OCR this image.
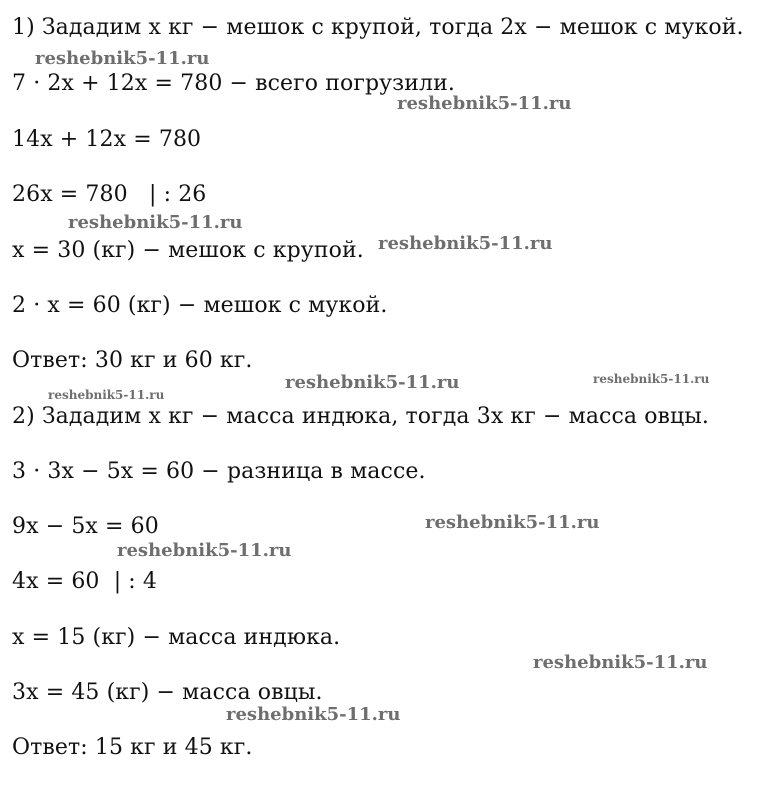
1) Зададим x кг − мешок с крупой, тогда 2x − мешок с мукой.
7 · 2x + 12x = 780 − всего погрузили.
14x + 12x = 780
26x = 780   | : 26
x = 30 (кг) − мешок с крупой.
2 · x = 60 (кг) − мешок с мукой.
Ответ: 30 кг и 60 кг.
2) Зададим x кг − масса индюка, тогда 3x кг − масса овцы.
3 · 3x − 5x = 60 − разница в массе.
9x − 5x = 60
4x = 60  | : 4
x = 15 (кг) − масса индюка.
3x = 45 (кг) − масса овцы.
Ответ: 15 кг и 45 кг.
reshebnik5-11.ru
reshebnik5-11.ru
reshebnik5-11.ru
reshebnik5-11.ru
reshebnik5-11.ru
reshebnik5-11.ru	reshebnik5-11.ru
reshebnik5-11.ru
reshebnik5-11.ru
reshebnik5-11.ru
reshebnik5-11.ru
